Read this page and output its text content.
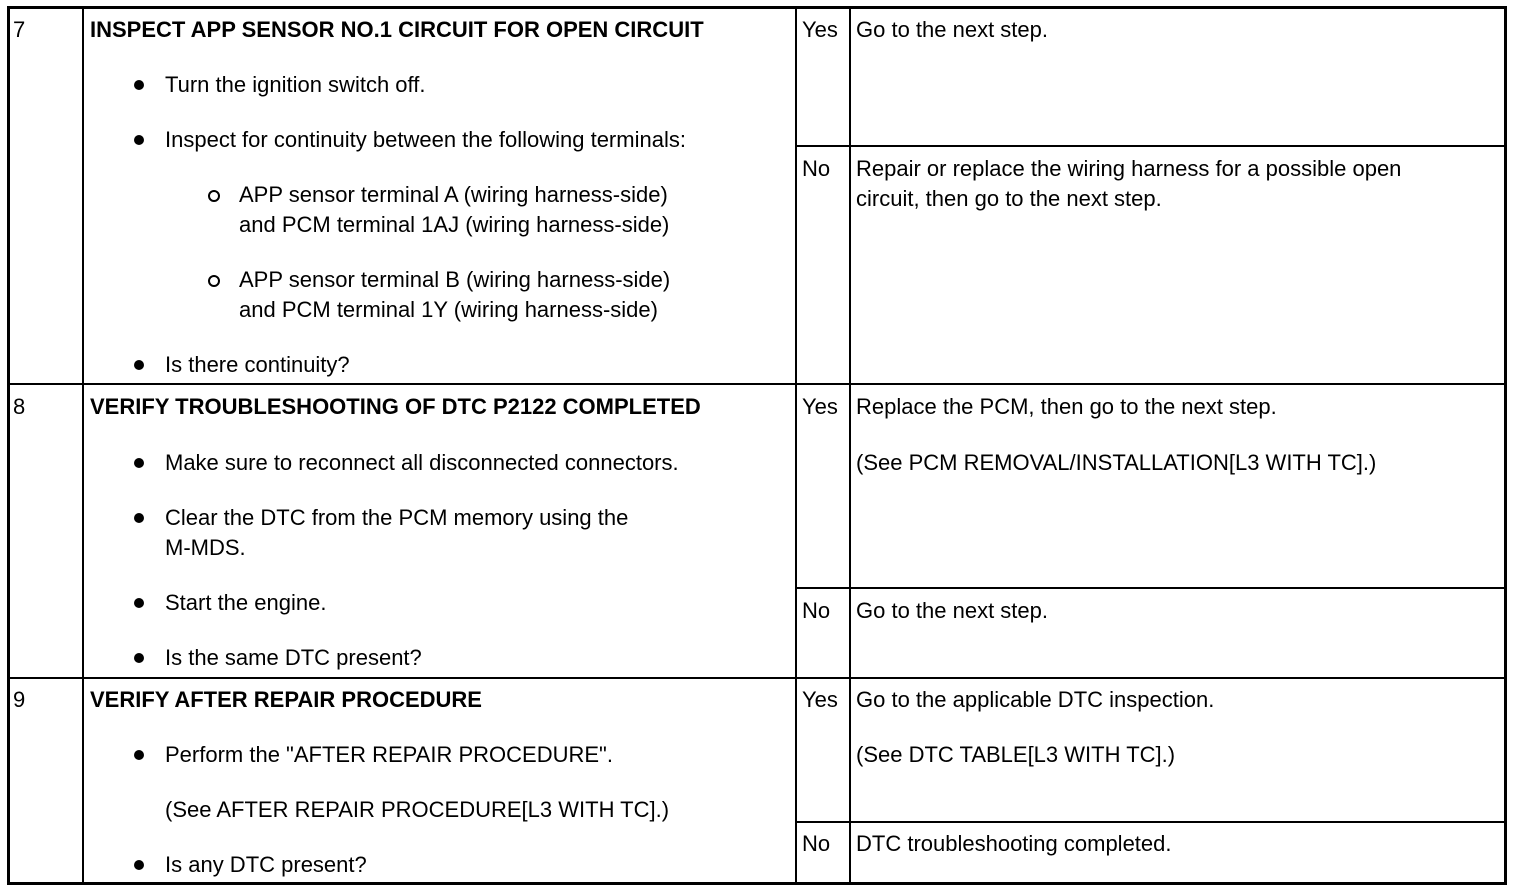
7	INSPECT APP SENSOR NO.1 CIRCUIT FOR OPEN CIRCUIT
Turn the ignition switch off.
Inspect for continuity between the following terminals:
APP sensor terminal A (wiring harness-side)
and PCM terminal 1AJ (wiring harness-side)
APP sensor terminal B (wiring harness-side)
and PCM terminal 1Y (wiring harness-side)
Is there continuity?
Yes Go to the next step.
No Repair or replace the wiring harness for a possible open
circuit, then go to the next step.
8	VERIFY TROUBLESHOOTING OF DTC P2122 COMPLETED
Make sure to reconnect all disconnected connectors.
Clear the DTC from the PCM memory using the
M-MDS.
Start the engine.
Is the same DTC present?
Yes Replace the PCM, then go to the next step.
(See PCM REMOVAL/INSTALLATION[L3 WITH TC].)
No Go to the next step.
9	VERIFY AFTER REPAIR PROCEDURE
Perform the "AFTER REPAIR PROCEDURE".
(See AFTER REPAIR PROCEDURE[L3 WITH TC].)
Is any DTC present?
Yes Go to the applicable DTC inspection.
(See DTC TABLE[L3 WITH TC].)
No DTC troubleshooting completed.
